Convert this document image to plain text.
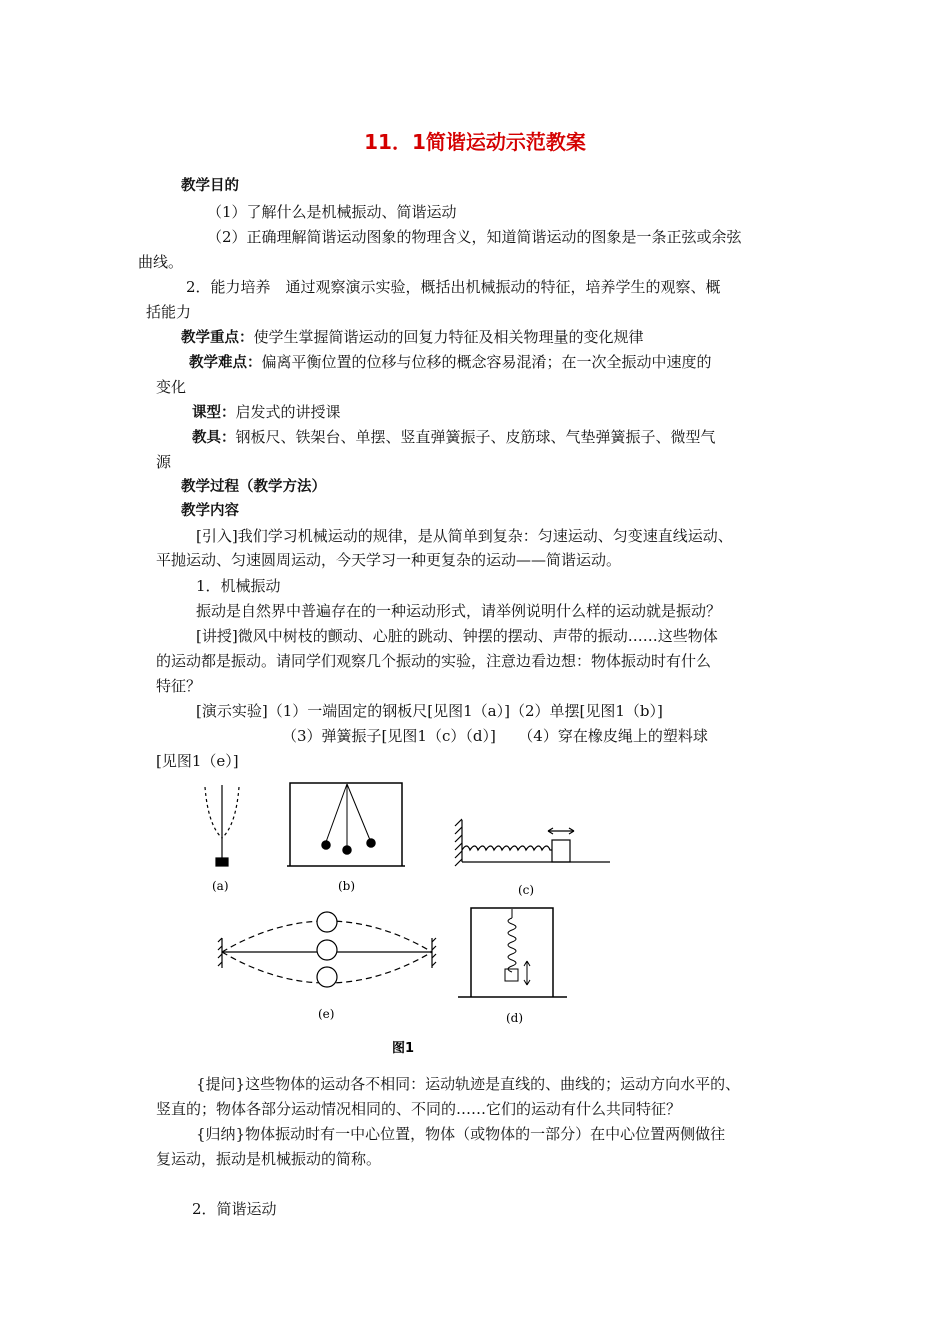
11．1简谐运动示范教案
教学目的
（1）了解什么是机械振动、简谐运动
（2）正确理解简谐运动图象的物理含义，知道简谐运动的图象是一条正弦或余弦
曲线。
2．能力培养　通过观察演示实验，概括出机械振动的特征，培养学生的观察、概
括能力
教学重点：使学生掌握简谐运动的回复力特征及相关物理量的变化规律
教学难点：偏离平衡位置的位移与位移的概念容易混淆；在一次全振动中速度的
变化
课型：启发式的讲授课
教具：钢板尺、铁架台、单摆、竖直弹簧振子、皮筋球、气垫弹簧振子、微型气
源
教学过程（教学方法）
教学内容
[引入]我们学习机械运动的规律，是从简单到复杂：匀速运动、匀变速直线运动、
平抛运动、匀速圆周运动，今天学习一种更复杂的运动——简谐运动。
1．机械振动
振动是自然界中普遍存在的一种运动形式，请举例说明什么样的运动就是振动？
[讲授]微风中树枝的颤动、心脏的跳动、钟摆的摆动、声带的振动……这些物体
的运动都是振动。请同学们观察几个振动的实验，注意边看边想：物体振动时有什么
特征？
[演示实验]（1）一端固定的钢板尺[见图1（a）]（2）单摆[见图1（b）]
（3）弹簧振子[见图1（c）（d）]　　（4）穿在橡皮绳上的塑料球
[见图1（e）]
(a)	(b)	(c)
(e)	(d)
图1
{提问}这些物体的运动各不相同：运动轨迹是直线的、曲线的；运动方向水平的、
竖直的；物体各部分运动情况相同的、不同的……它们的运动有什么共同特征？
{归纳}物体振动时有一中心位置，物体（或物体的一部分）在中心位置两侧做往
复运动，振动是机械振动的简称。
2．简谐运动
